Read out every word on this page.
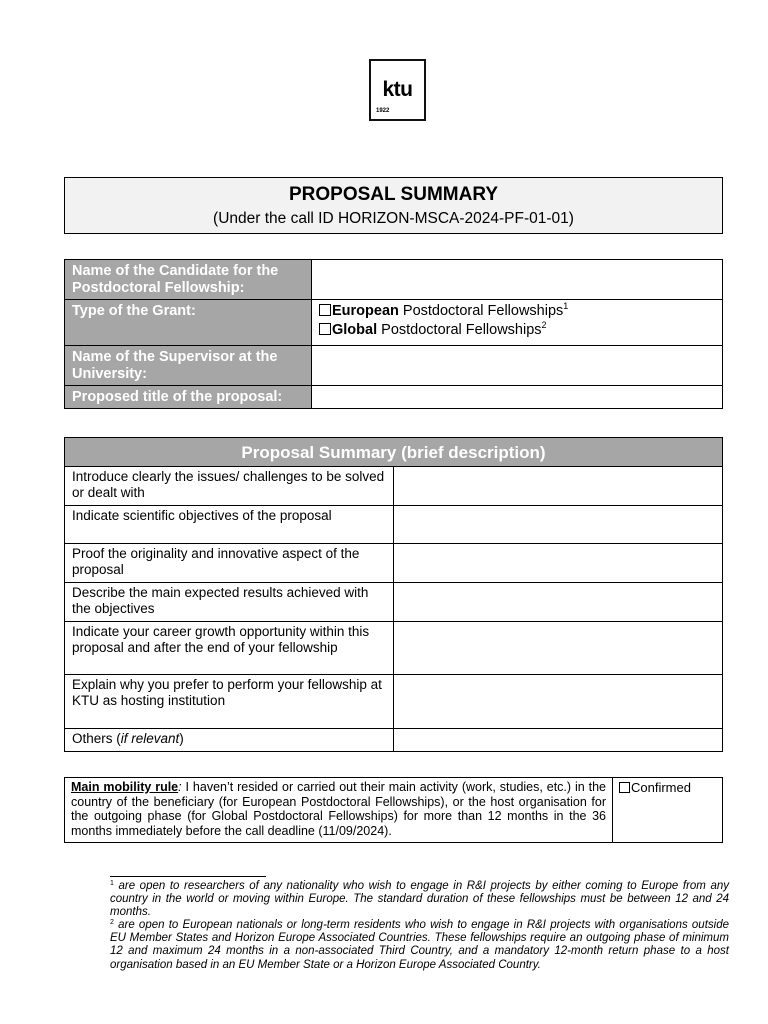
ktu
1922
PROPOSAL SUMMARY
(Under the call ID HORIZON-MSCA-2024-PF-01-01)
Name of the Candidate for the Postdoctoral Fellowship:	
Type of the Grant:	European Postdoctoral Fellowships$^1$
Global Postdoctoral Fellowships$^2$

Name of the Supervisor at the University:	
Proposed title of the proposal:	
Proposal Summary (brief description)	
Introduce clearly the issues/ challenges to be solved or dealt with	
Indicate scientific objectives of the proposal	
Proof the originality and innovative aspect of the proposal	
Describe the main expected results achieved with the objectives	
Indicate your career growth opportunity within this proposal and after the end of your fellowship	
Explain why you prefer to perform your fellowship at KTU as hosting institution	
Others (if relevant)	
Main mobility rule: I haven’t resided or carried out their main activity (work, studies, etc.) in the country of the beneficiary (for European Postdoctoral Fellowships), or the host organisation for the outgoing phase (for Global Postdoctoral Fellowships) for more than 12 months in the 36 months immediately before the call deadline (11/09/2024).	Confirmed
$^1$ are open to researchers of any nationality who wish to engage in R&I projects by either coming to Europe from any country in the world or moving within Europe. The standard duration of these fellowships must be between 12 and 24 months.
$^2$ are open to European nationals or long-term residents who wish to engage in R&I projects with organisations outside EU Member States and Horizon Europe Associated Countries. These fellowships require an outgoing phase of minimum 12 and maximum 24 months in a non-associated Third Country, and a mandatory 12-month return phase to a host organisation based in an EU Member State or a Horizon Europe Associated Country.
